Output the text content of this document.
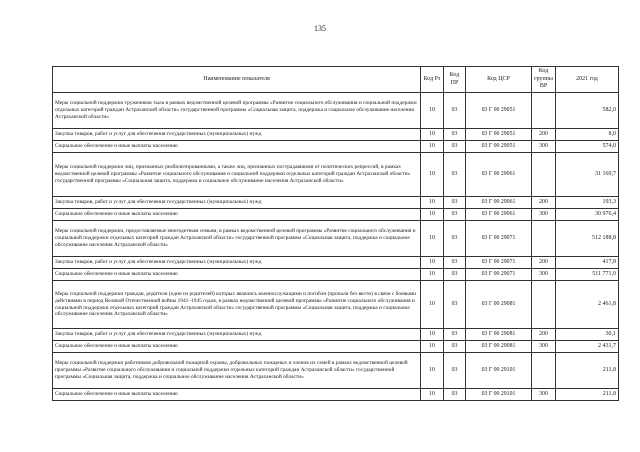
135
Наименование показателя	Код Рз	Код ПР	Код ЦСР	Код группы ВР	2021 год
Меры социальной поддержки тружеников тыла в рамках ведомственной целевой программы «Развитие социального обслуживания и социальной поддержки отдельных категорий граждан Астраханской области» государственной программы «Социальная защита, поддержка и социальное обслуживание населения Астраханской области»	10	03	03 Г 00 29051		582,0
Закупка товаров, работ и услуг для обеспечения государственных (муниципальных) нужд	10	03	03 Г 00 29051	200	8,0
Социальное обеспечение и иные выплаты населению	10	03	03 Г 00 29051	300	574,0
Меры социальной поддержки лиц, признанных реабилитированными, а также лиц, признанных пострадавшими от политических репрессий, в рамках ведомственной целевой программы «Развитие социального обслуживания и социальной поддержки отдельных категорий граждан Астраханской области» государственной программы «Социальная защита, поддержка и социальное обслуживание населения Астраханской области»	10	03	03 Г 00 29061		31 169,7
Закупка товаров, работ и услуг для обеспечения государственных (муниципальных) нужд	10	03	03 Г 00 29061	200	193,3
Социальное обеспечение и иные выплаты населению	10	03	03 Г 00 29061	300	30 976,4
Меры социальной поддержки, предоставляемые многодетным семьям, в рамках ведомственной целевой программы «Развитие социального обслуживания и социальной поддержки отдельных категорий граждан Астраханской области» государственной программы «Социальная защита, поддержка и социальное обслуживание населения Астраханской области»	10	03	03 Г 00 29071		512 188,8
Закупка товаров, работ и услуг для обеспечения государственных (муниципальных) нужд	10	03	03 Г 00 29071	200	417,8
Социальное обеспечение и иные выплаты населению	10	03	03 Г 00 29071	300	511 771,0
Меры социальной поддержки граждан, родители (один из родителей) которых являлись военнослужащими и погибли (пропали без вести) в связи с боевыми действиями в период Великой Отечественной войны 1941–1945 годов, в рамках ведомственной целевой программы «Развитие социального обслуживания и социальной поддержки отдельных категорий граждан Астраханской области» государственной программы «Социальная защита, поддержка и социальное обслуживание населения Астраханской области»	10	03	03 Г 00 29081		2 461,8
Закупка товаров, работ и услуг для обеспечения государственных (муниципальных) нужд	10	03	03 Г 00 29081	200	30,1
Социальное обеспечение и иные выплаты населению	10	03	03 Г 00 29081	300	2 431,7
Меры социальной поддержки работников добровольной пожарной охраны, добровольных пожарных и членов их семей в рамках ведомственной целевой программы «Развитие социального обслуживания и социальной поддержки отдельных категорий граждан Астраханской области» государственной программы «Социальная защита, поддержка и социальное обслуживание населения Астраханской области»	10	03	03 Г 00 29101		211,8
Социальное обеспечение и иные выплаты населению	10	03	03 Г 00 29101	300	211,8
